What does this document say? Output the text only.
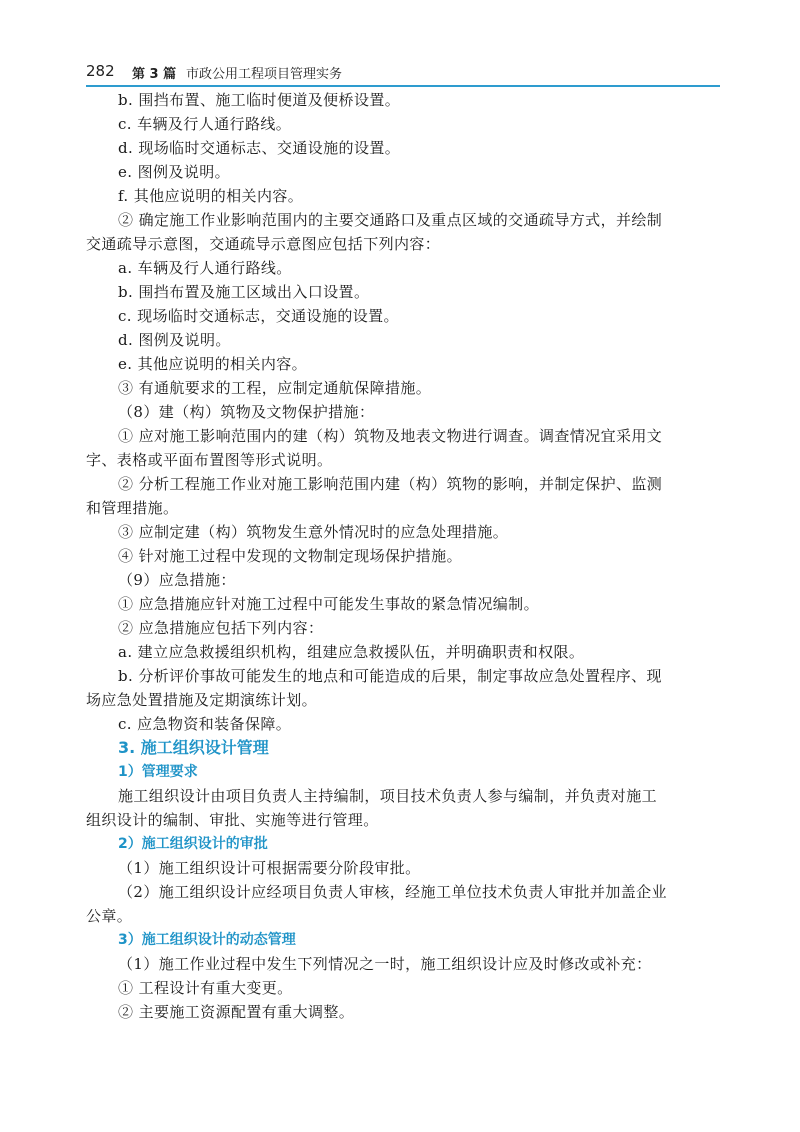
282 第 3 篇 市政公用工程项目管理实务
b. 围挡布置、施工临时便道及便桥设置。
c. 车辆及行人通行路线。
d. 现场临时交通标志、交通设施的设置。
e. 图例及说明。
f. 其他应说明的相关内容。
② 确定施工作业影响范围内的主要交通路口及重点区域的交通疏导方式，并绘制
交通疏导示意图，交通疏导示意图应包括下列内容：
a. 车辆及行人通行路线。
b. 围挡布置及施工区域出入口设置。
c. 现场临时交通标志，交通设施的设置。
d. 图例及说明。
e. 其他应说明的相关内容。
③ 有通航要求的工程，应制定通航保障措施。
（8）建（构）筑物及文物保护措施：
① 应对施工影响范围内的建（构）筑物及地表文物进行调查。调查情况宜采用文
字、表格或平面布置图等形式说明。
② 分析工程施工作业对施工影响范围内建（构）筑物的影响，并制定保护、监测
和管理措施。
③ 应制定建（构）筑物发生意外情况时的应急处理措施。
④ 针对施工过程中发现的文物制定现场保护措施。
（9）应急措施：
① 应急措施应针对施工过程中可能发生事故的紧急情况编制。
② 应急措施应包括下列内容：
a. 建立应急救援组织机构，组建应急救援队伍，并明确职责和权限。
b. 分析评价事故可能发生的地点和可能造成的后果，制定事故应急处置程序、现
场应急处置措施及定期演练计划。
c. 应急物资和装备保障。
3. 施工组织设计管理
1）管理要求
施工组织设计由项目负责人主持编制，项目技术负责人参与编制，并负责对施工
组织设计的编制、审批、实施等进行管理。
2）施工组织设计的审批
（1）施工组织设计可根据需要分阶段审批。
（2）施工组织设计应经项目负责人审核，经施工单位技术负责人审批并加盖企业
公章。
3）施工组织设计的动态管理
（1）施工作业过程中发生下列情况之一时，施工组织设计应及时修改或补充：
① 工程设计有重大变更。
② 主要施工资源配置有重大调整。
